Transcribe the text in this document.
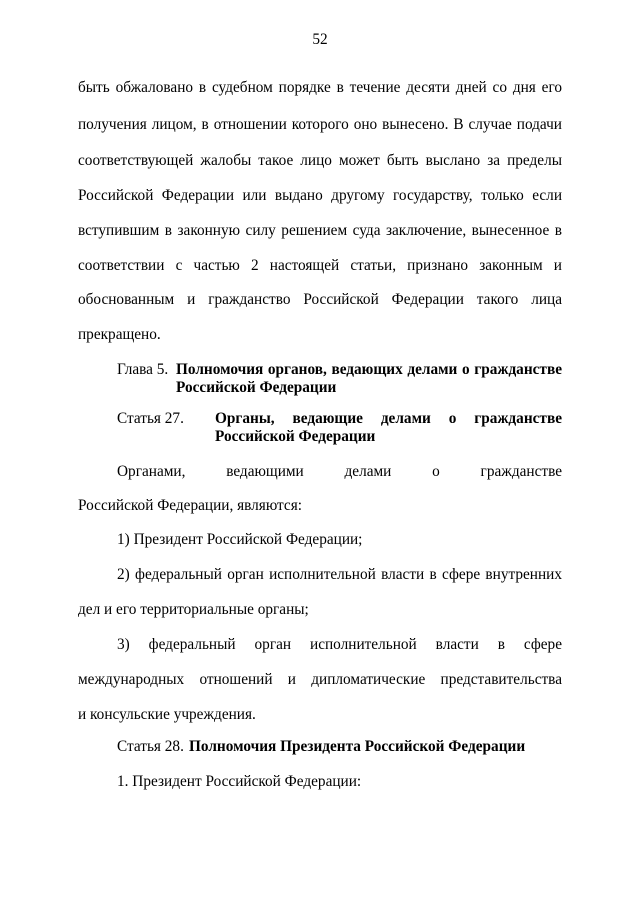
52
быть обжаловано в судебном порядке в течение десяти дней со дня его
получения лицом, в отношении которого оно вынесено. В случае подачи
соответствующей жалобы такое лицо может быть выслано за пределы
Российской Федерации или выдано другому государству, только если
вступившим в законную силу решением суда заключение, вынесенное в
соответствии с частью 2 настоящей статьи, признано законным и
обоснованным и гражданство Российской Федерации такого лица
прекращено.
Глава 5. Полномочия органов, ведающих делами о гражданстве
Российской Федерации
Статья 27. Органы, ведающие делами о гражданстве
Российской Федерации
Органами, ведающими делами о гражданстве
Российской Федерации, являются:
1) Президент Российской Федерации;
2) федеральный орган исполнительной власти в сфере внутренних
дел и его территориальные органы;
3) федеральный орган исполнительной власти в сфере
международных отношений и дипломатические представительства
и консульские учреждения.
Статья 28. Полномочия Президента Российской Федерации
1. Президент Российской Федерации:
